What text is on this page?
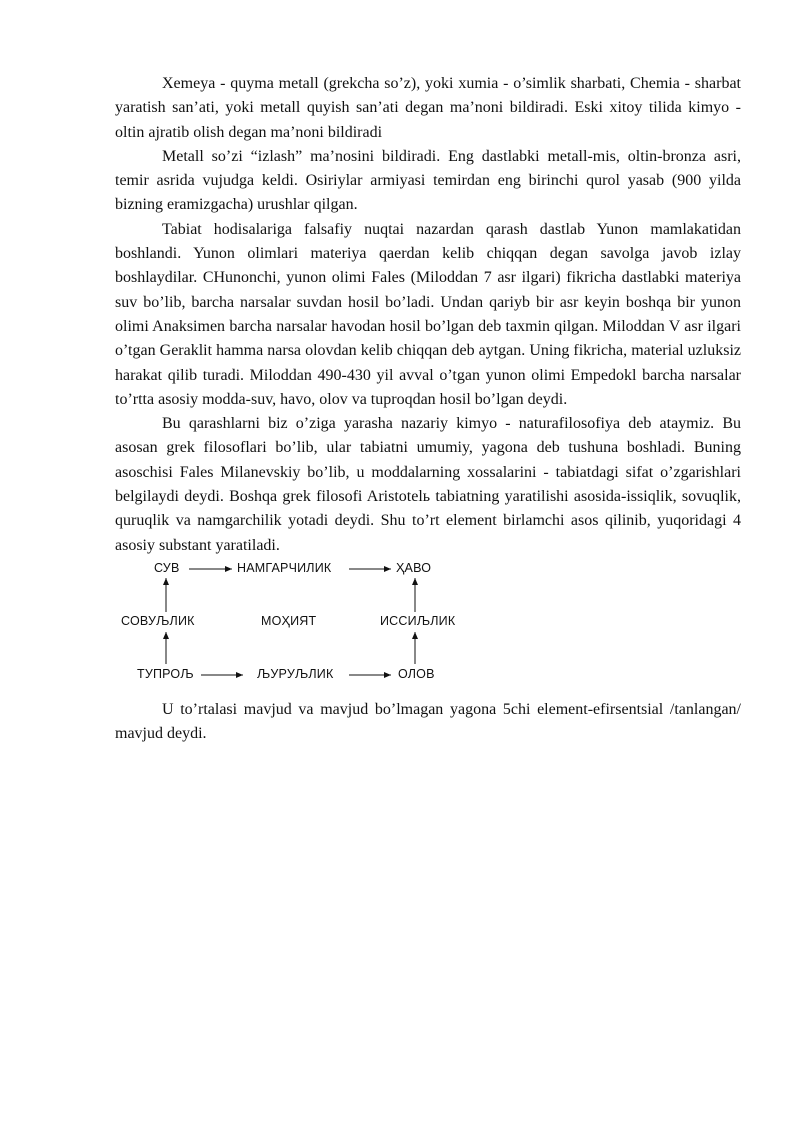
Xemeya - quyma metall (grekcha so’z), yoki xumia - o’simlik sharbati, Chemia - sharbat yaratish san’ati, yoki metall quyish san’ati degan ma’noni bildiradi. Eski xitoy tilida kimyo - oltin ajratib olish degan ma’noni bildiradi

Metall so’zi “izlash” ma’nosini bildiradi. Eng dastlabki metall-mis, oltin-bronza asri, temir asrida vujudga keldi. Osiriylar armiyasi temirdan eng birinchi qurol yasab (900 yilda bizning eramizgacha) urushlar qilgan.

Tabiat hodisalariga falsafiy nuqtai nazardan qarash dastlab Yunon mamlakatidan boshlandi. Yunon olimlari materiya qaerdan kelib chiqqan degan savolga javob izlay boshlaydilar. CHunonchi, yunon olimi Fales (Miloddan 7 asr ilgari) fikricha dastlabki materiya suv bo’lib, barcha narsalar suvdan hosil bo’ladi. Undan qariyb bir asr keyin boshqa bir yunon olimi Anaksimen barcha narsalar havodan hosil bo’lgan deb taxmin qilgan. Miloddan V asr ilgari o’tgan Geraklit hamma narsa olovdan kelib chiqqan deb aytgan. Uning fikricha, material uzluksiz harakat qilib turadi. Miloddan 490-430 yil avval o’tgan yunon olimi Empedokl barcha narsalar to’rtta asosiy modda-suv, havo, olov va tuproqdan hosil bo’lgan deydi.

Bu qarashlarni biz o’ziga yarasha nazariy kimyo - naturafilosofiya deb ataymiz. Bu asosan grek filosoflari bo’lib, ular tabiatni umumiy, yagona deb tushuna boshladi. Buning asoschisi Fales Milanevskiy bo’lib, u moddalarning xossalarini - tabiatdagi sifat o’zgarishlari belgilaydi deydi. Boshqa grek filosofi Aristotelь tabiatning yaratilishi asosida-issiqlik, sovuqlik, quruqlik va namgarchilik yotadi deydi. Shu to’rt element birlamchi asos qilinib, yuqoridagi 4 asosiy substant yaratiladi.

СУВ	НАМГАРЧИЛИК	ҲАВО
СОВУЉЛИК	МОҲИЯТ	ИССИЉЛИК
ТУПРОЉ	ЉУРУЉЛИК	ОЛОВ

U to’rtalasi mavjud va mavjud bo’lmagan yagona 5chi element-efirsentsial /tanlangan/ mavjud deydi.
